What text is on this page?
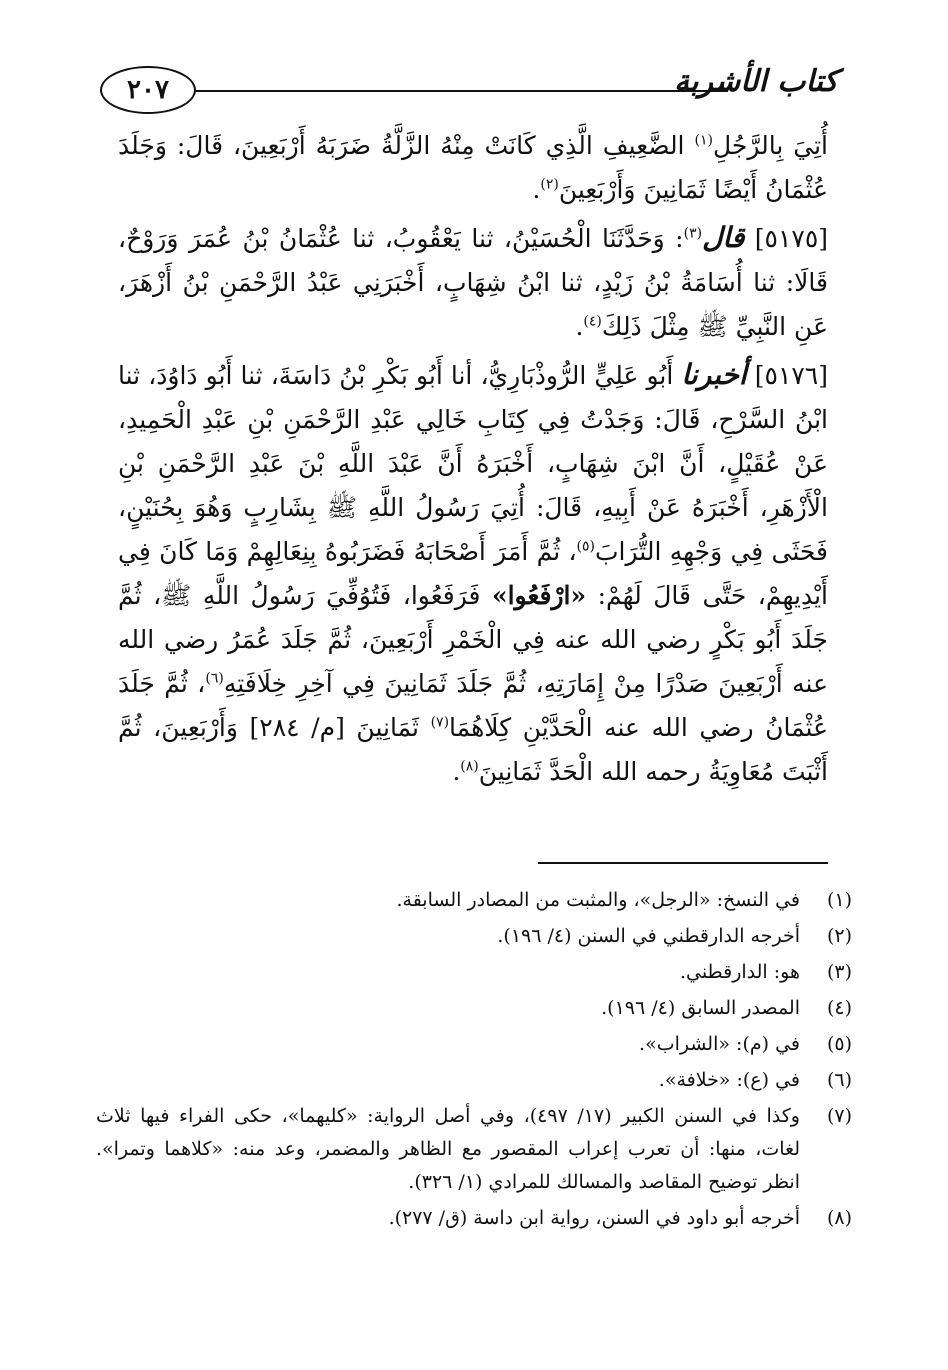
كتاب الأشربة
٢٠٧

أُتِيَ بِالرَّجُلِ$^{(١)}$ الضَّعِيفِ الَّذِي كَانَتْ مِنْهُ الزَّلَّةُ ضَرَبَهُ أَرْبَعِينَ، قَالَ: وَجَلَدَ عُثْمَانُ أَيْضًا ثَمَانِينَ وَأَرْبَعِينَ$^{(٢)}$.

[٥١٧٥] قال$^{(٣)}$: وَحَدَّثَنَا الْحُسَيْنُ، ثنا يَعْقُوبُ، ثنا عُثْمَانُ بْنُ عُمَرَ وَرَوْحٌ، قَالَا: ثنا أُسَامَةُ بْنُ زَيْدٍ، ثنا ابْنُ شِهَابٍ، أَخْبَرَنِي عَبْدُ الرَّحْمَنِ بْنُ أَزْهَرَ، عَنِ النَّبِيِّ ﷺ مِثْلَ ذَلِكَ$^{(٤)}$.

[٥١٧٦] أخبرنا أَبُو عَلِيٍّ الرُّوذْبَارِيُّ، أنا أَبُو بَكْرِ بْنُ دَاسَةَ، ثنا أَبُو دَاوُدَ، ثنا ابْنُ السَّرْحِ، قَالَ: وَجَدْتُ فِي كِتَابِ خَالِي عَبْدِ الرَّحْمَنِ بْنِ عَبْدِ الْحَمِيدِ، عَنْ عُقَيْلٍ، أَنَّ ابْنَ شِهَابٍ، أَخْبَرَهُ أَنَّ عَبْدَ اللَّهِ بْنَ عَبْدِ الرَّحْمَنِ بْنِ الْأَزْهَرِ، أَخْبَرَهُ عَنْ أَبِيهِ، قَالَ: أُتِيَ رَسُولُ اللَّهِ ﷺ بِشَارِبٍ وَهُوَ بِحُنَيْنٍ، فَحَثَى فِي وَجْهِهِ التُّرَابَ$^{(٥)}$، ثُمَّ أَمَرَ أَصْحَابَهُ فَضَرَبُوهُ بِنِعَالِهِمْ وَمَا كَانَ فِي أَيْدِيهِمْ، حَتَّى قَالَ لَهُمْ: «ارْفَعُوا» فَرَفَعُوا، فَتُوُفِّيَ رَسُولُ اللَّهِ ﷺ، ثُمَّ جَلَدَ أَبُو بَكْرٍ رضي الله عنه فِي الْخَمْرِ أَرْبَعِينَ، ثُمَّ جَلَدَ عُمَرُ رضي الله عنه أَرْبَعِينَ صَدْرًا مِنْ إِمَارَتِهِ، ثُمَّ جَلَدَ ثَمَانِينَ فِي آخِرِ خِلَافَتِهِ$^{(٦)}$، ثُمَّ جَلَدَ عُثْمَانُ رضي الله عنه الْحَدَّيْنِ كِلَاهُمَا$^{(٧)}$ ثَمَانِينَ [م/ ٢٨٤] وَأَرْبَعِينَ، ثُمَّ أَثْبَتَ مُعَاوِيَةُ رحمه الله الْحَدَّ ثَمَانِينَ$^{(٨)}$.

(١)
في النسخ: «الرجل»، والمثبت من المصادر السابقة.
(٢)
أخرجه الدارقطني في السنن (٤/ ١٩٦).
(٣)
هو: الدارقطني.
(٤)
المصدر السابق (٤/ ١٩٦).
(٥)
في (م): «الشراب».
(٦)
في (ع): «خلافة».
(٧)
وكذا في السنن الكبير (١٧/ ٤٩٧)، وفي أصل الرواية: «كليهما»، حكى الفراء فيها ثلاث لغات، منها: أن تعرب إعراب المقصور مع الظاهر والمضمر، وعد منه: «كلاهما وتمرا». انظر توضيح المقاصد والمسالك للمرادي (١/ ٣٢٦).
(٨)
أخرجه أبو داود في السنن، رواية ابن داسة (ق/ ٢٧٧).
